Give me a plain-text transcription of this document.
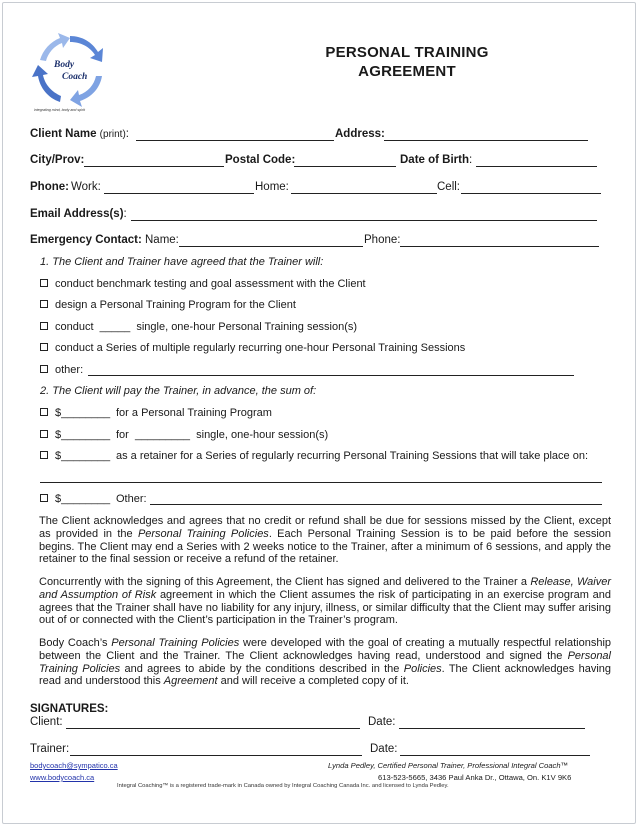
Body
Coach
integrating mind, body and spirit
PERSONAL TRAINING
AGREEMENT
Client Name (print):	Address:
City/Prov:	Postal Code:	Date of Birth:
Phone: Work:	Home:	Cell:
Email Address(s):
Emergency Contact: Name:	Phone:
1. The Client and Trainer have agreed that the Trainer will:
conduct benchmark testing and goal assessment with the Client
design a Personal Training Program for the Client
conduct  _____  single, one-hour Personal Training session(s)
conduct a Series of multiple regularly recurring one-hour Personal Training Sessions
other:
2. The Client will pay the Trainer, in advance, the sum of:
$________ for a Personal Training Program
$________ for  _________  single, one-hour session(s)
$________ as a retainer for a Series of regularly recurring Personal Training Sessions that will take place on:
$________ Other:
The Client acknowledges and agrees that no credit or refund shall be due for sessions missed by the Client, except as provided in the Personal Training Policies. Each Personal Training Session is to be paid before the session begins. The Client may end a Series with 2 weeks notice to the Trainer, after a minimum of 6 sessions, and apply the retainer to the final session or receive a refund of the retainer.
Concurrently with the signing of this Agreement, the Client has signed and delivered to the Trainer a Release, Waiver and Assumption of Risk agreement in which the Client assumes the risk of participating in an exercise program and agrees that the Trainer shall have no liability for any injury, illness, or similar difficulty that the Client may suffer arising out of or connected with the Client’s participation in the Trainer’s program.
Body Coach’s Personal Training Policies were developed with the goal of creating a mutually respectful relationship between the Client and the Trainer. The Client acknowledges having read, understood and signed the Personal Training Policies and agrees to abide by the conditions described in the Policies. The Client acknowledges having read and understood this Agreement and will receive a completed copy of it.
SIGNATURES:
Client:	Date:
Trainer:	Date:
bodycoach@sympatico.ca
www.bodycoach.ca
Lynda Pedley, Certified Personal Trainer, Professional Integral Coach™
613-523-5665, 3436 Paul Anka Dr., Ottawa, On. K1V 9K6
Integral Coaching™ is a registered trade-mark in Canada owned by Integral Coaching Canada Inc. and licensed to Lynda Pedley.
